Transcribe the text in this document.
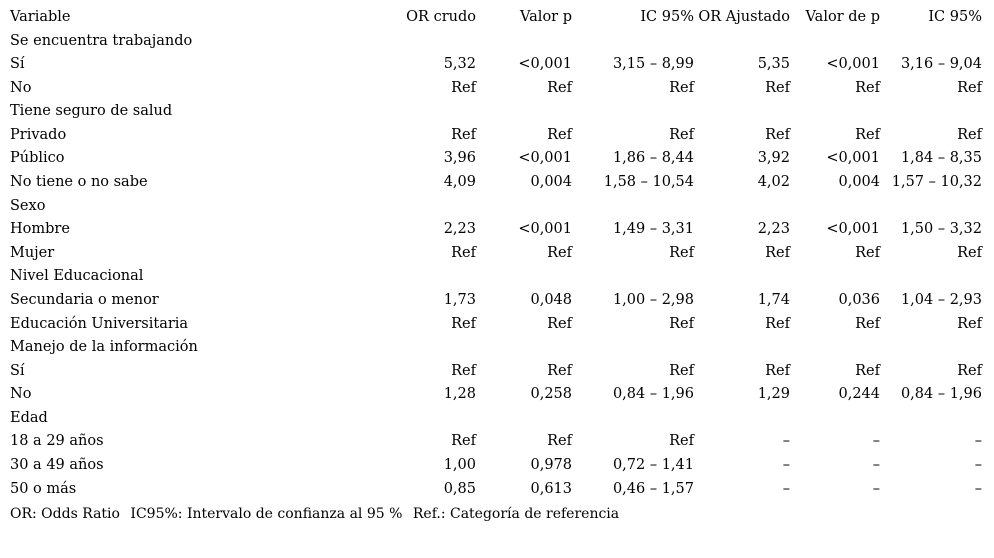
Variable	OR crudo	Valor p	IC 95%	OR Ajustado	Valor de p	IC 95%
Se encuentra trabajando						
Sí	5,32	<0,001	3,15 – 8,99	5,35	<0,001	3,16 – 9,04
No	Ref	Ref	Ref	Ref	Ref	Ref
Tiene seguro de salud						
Privado	Ref	Ref	Ref	Ref	Ref	Ref
Público	3,96	<0,001	1,86 – 8,44	3,92	<0,001	1,84 – 8,35
No tiene o no sabe	4,09	0,004	1,58 – 10,54	4,02	0,004	1,57 – 10,32
Sexo						
Hombre	2,23	<0,001	1,49 – 3,31	2,23	<0,001	1,50 – 3,32
Mujer	Ref	Ref	Ref	Ref	Ref	Ref
Nivel Educacional						
Secundaria o menor	1,73	0,048	1,00 – 2,98	1,74	0,036	1,04 – 2,93
Educación Universitaria	Ref	Ref	Ref	Ref	Ref	Ref
Manejo de la información						
Sí	Ref	Ref	Ref	Ref	Ref	Ref
No	1,28	0,258	0,84 – 1,96	1,29	0,244	0,84 – 1,96
Edad						
18 a 29 años	Ref	Ref	Ref	–	–	–
30 a 49 años	1,00	0,978	0,72 – 1,41	–	–	–
50 o más	0,85	0,613	0,46 – 1,57	–	–	–
OR: Odds Ratio IC95%: Intervalo de confianza al 95 % Ref.: Categoría de referencia
